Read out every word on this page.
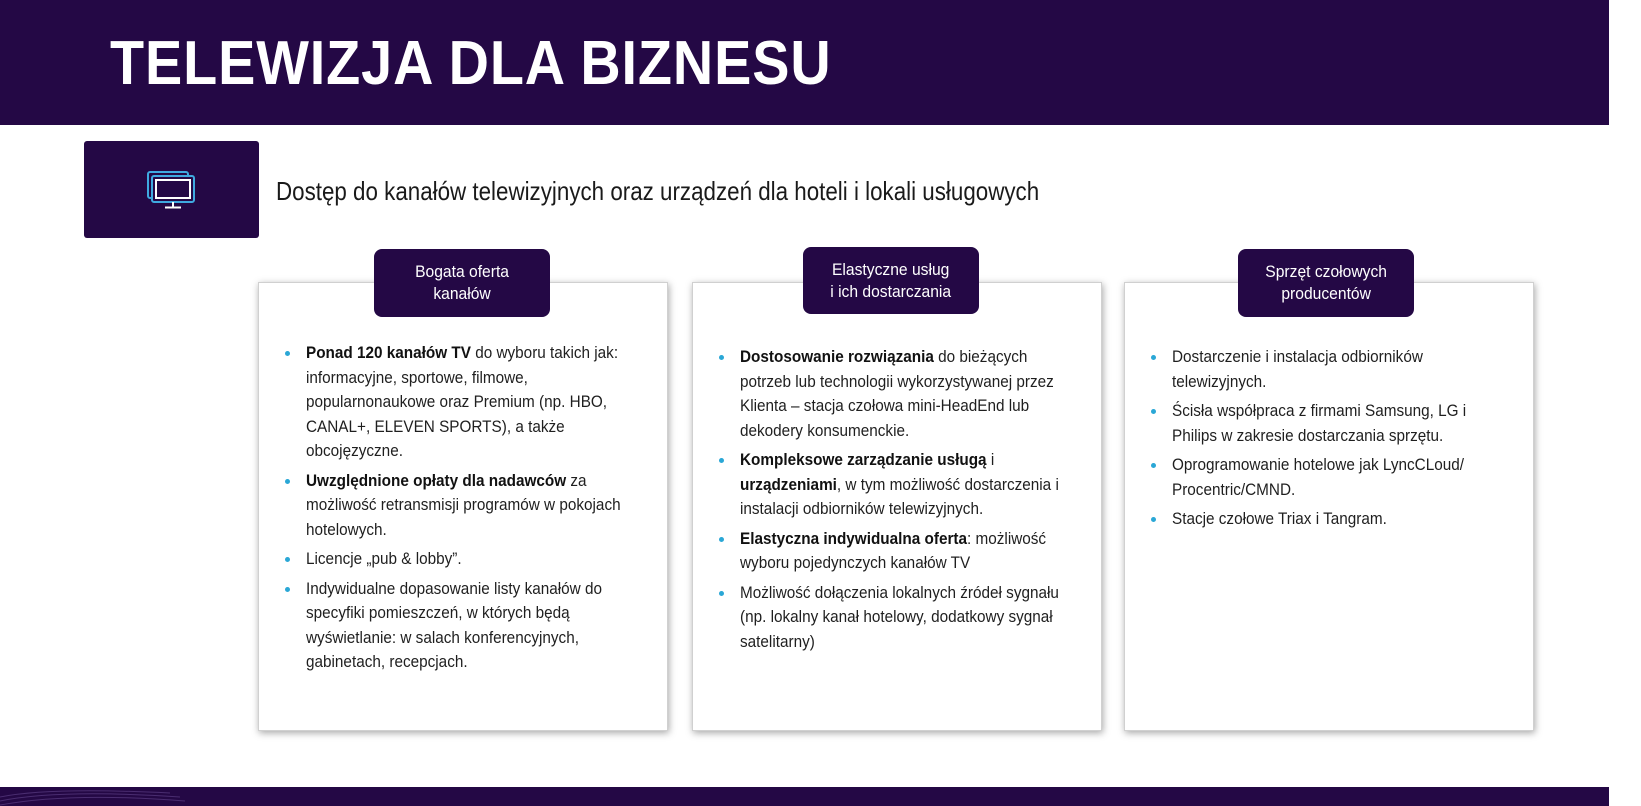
TELEWIZJA DLA BIZNESU
Dostęp do kanałów telewizyjnych oraz urządzeń dla hoteli i lokali usługowych
Ponad 120 kanałów TV do wyboru takich jak: informacyjne, sportowe, filmowe, popularnonaukowe oraz Premium (np. HBO, CANAL+, ELEVEN SPORTS), a także obcojęzyczne.
Uwzględnione opłaty dla nadawców za możliwość retransmisji programów w pokojach hotelowych.
Licencje „pub & lobby”.
Indywidualne dopasowanie listy kanałów do specyfiki pomieszczeń, w których będą wyświetlanie: w salach konferencyjnych, gabinetach, recepcjach.
Bogata oferta
kanałów
Dostosowanie rozwiązania do bieżących potrzeb lub technologii wykorzystywanej przez Klienta – stacja czołowa mini-HeadEnd lub dekodery konsumenckie.
Kompleksowe zarządzanie usługą i urządzeniami, w tym możliwość dostarczenia i instalacji odbiorników telewizyjnych.
Elastyczna indywidualna oferta: możliwość wyboru pojedynczych kanałów TV
Możliwość dołączenia lokalnych źródeł sygnału (np. lokalny kanał hotelowy, dodatkowy sygnał satelitarny)
Elastyczne usług
i ich dostarczania
Dostarczenie i instalacja odbiorników telewizyjnych.
Ścisła współpraca z firmami Samsung, LG i Philips w zakresie dostarczania sprzętu.
Oprogramowanie hotelowe jak LyncCLoud/ Procentric/CMND.
Stacje czołowe Triax i Tangram.
Sprzęt czołowych
producentów
